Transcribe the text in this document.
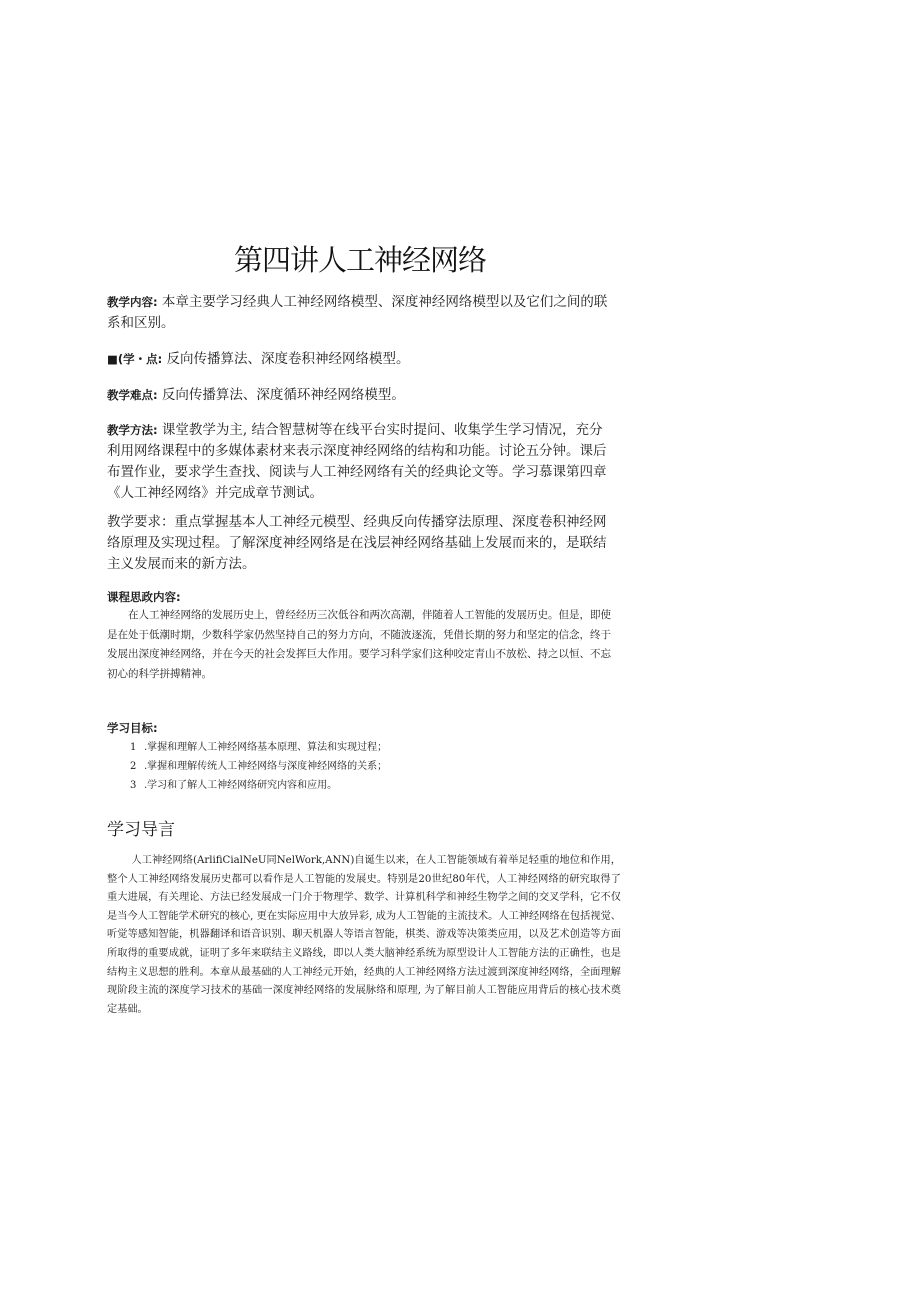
第四讲人工神经网络

教学内容: 本章主要学习经典人工神经网络模型、深度神经网络模型以及它们之间的联系和区别。

■(学・点: 反向传播算法、深度卷积神经网络模型。

教学难点: 反向传播算法、深度循环神经网络模型。

教学方法: 课堂教学为主, 结合智慧树等在线平台实时提问、收集学生学习情况，充分利用网络课程中的多媒体素材来表示深度神经网络的结构和功能。讨论五分钟。课后布置作业，要求学生查找、阅读与人工神经网络有关的经典论文等。学习慕课第四章《人工神经网络》并完成章节测试。

教学要求：重点掌握基本人工神经元模型、经典反向传播穿法原理、深度卷积神经网络原理及实现过程。了解深度神经网络是在浅层神经网络基础上发展而来的，是联结主义发展而来的新方法。

课程思政内容:

在人工神经网络的发展历史上，曾经经历三次低谷和两次高潮，伴随着人工智能的发展历史。但是，即使是在处于低潮时期，少数科学家仍然坚持自己的努力方向，不随波逐流，凭借长期的努力和坚定的信念，终于发展出深度神经网络，并在今天的社会发挥巨大作用。要学习科学家们这种咬定青山不放松、持之以恒、不忘初心的科学拼搏精神。

学习目标:
1 .掌握和理解人工神经网络基本原理、算法和实现过程；
2 .掌握和理解传统人工神经网络与深度神经网络的关系；
3 .学习和了解人工神经网络研究内容和应用。
学习导言

人工神经网络(ArlifiCialNeU同NelWork,ANN)自诞生以来，在人工智能领域有着举足轻重的地位和作用，整个人工神经网络发展历史都可以看作是人工智能的发展史。特别是20世纪80年代，人工神经网络的研究取得了重大进展，有关理论、方法已经发展成一门介于物理学、数学、计算机科学和神经生物学之间的交叉学科，它不仅是当今人工智能学术研究的核心, 更在实际应用中大放异彩, 成为人工智能的主流技术。人工神经网络在包括视觉、听觉等感知智能，机器翻译和语音识别、聊天机器人等语言智能，棋类、游戏等决策类应用，以及艺术创造等方面所取得的重要成就，证明了多年来联结主义路线，即以人类大脑神经系统为原型设计人工智能方法的正确性，也是结构主义思想的胜利。本章从最基础的人工神经元开始，经典的人工神经网络方法过渡到深度神经网络，全面理解现阶段主流的深度学习技术的基础一深度神经网络的发展脉络和原理, 为了解目前人工智能应用背后的核心技术奠定基础。
